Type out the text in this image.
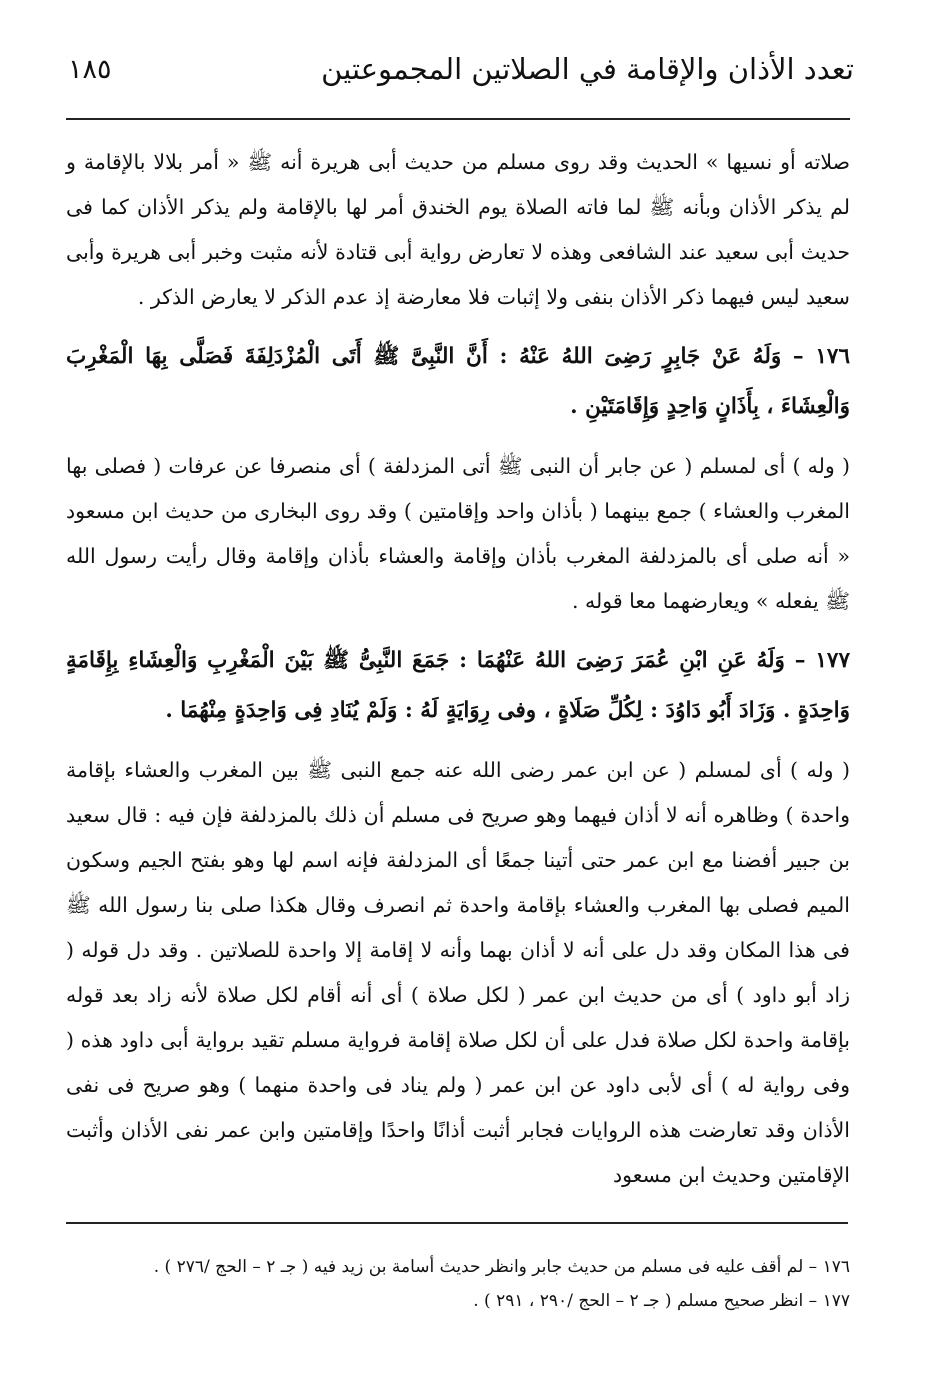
تعدد الأذان والإقامة في الصلاتين المجموعتين
١٨٥

صلاته أو نسيها » الحديث وقد روى مسلم من حديث أبى هريرة أنه ﷺ « أمر بلالا بالإقامة و لم يذكر الأذان وبأنه ﷺ لما فاته الصلاة يوم الخندق أمر لها بالإقامة ولم يذكر الأذان كما فى حديث أبى سعيد عند الشافعى وهذه لا تعارض رواية أبى قتادة لأنه مثبت وخبر أبى هريرة وأبى سعيد ليس فيهما ذكر الأذان بنفى ولا إثبات فلا معارضة إذ عدم الذكر لا يعارض الذكر .

١٧٦ – وَلَهُ عَنْ جَابِرٍ رَضِىَ اللهُ عَنْهُ : أَنَّ النَّبِىَّ ﷺ أَتَى الْمُزْدَلِفَةَ فَصَلَّى بِهَا الْمَغْرِبَ وَالْعِشَاءَ ، بِأَذَانٍ وَاحِدٍ وَإِقَامَتَيْنِ .

( وله ) أى لمسلم ( عن جابر أن النبى ﷺ أتى المزدلفة ) أى منصرفا عن عرفات ( فصلى بها المغرب والعشاء ) جمع بينهما ( بأذان واحد وإقامتين ) وقد روى البخارى من حديث ابن مسعود « أنه صلى أى بالمزدلفة المغرب بأذان وإقامة والعشاء بأذان وإقامة وقال رأيت رسول الله ﷺ يفعله » ويعارضهما معا قوله .

١٧٧ – وَلَهُ عَنِ ابْنِ عُمَرَ رَضِىَ اللهُ عَنْهُمَا : جَمَعَ النَّبِىُّ ﷺ بَيْنَ الْمَغْرِبِ وَالْعِشَاءِ بِإِقَامَةٍ وَاحِدَةٍ . وَزَادَ أَبُو دَاوُدَ : لِكُلِّ صَلَاةٍ ، وفى رِوَايَةٍ لَهُ : وَلَمْ يُنَادِ فِى وَاحِدَةٍ مِنْهُمَا .

( وله ) أى لمسلم ( عن ابن عمر رضى الله عنه جمع النبى ﷺ بين المغرب والعشاء بإقامة واحدة ) وظاهره أنه لا أذان فيهما وهو صريح فى مسلم أن ذلك بالمزدلفة فإن فيه : قال سعيد بن جبير أفضنا مع ابن عمر حتى أتينا جمعًا أى المزدلفة فإنه اسم لها وهو بفتح الجيم وسكون الميم فصلى بها المغرب والعشاء بإقامة واحدة ثم انصرف وقال هكذا صلى بنا رسول الله ﷺ فى هذا المكان وقد دل على أنه لا أذان بهما وأنه لا إقامة إلا واحدة للصلاتين . وقد دل قوله ( زاد أبو داود ) أى من حديث ابن عمر ( لكل صلاة ) أى أنه أقام لكل صلاة لأنه زاد بعد قوله بإقامة واحدة لكل صلاة فدل على أن لكل صلاة إقامة فرواية مسلم تقيد برواية أبى داود هذه ( وفى رواية له ) أى لأبى داود عن ابن عمر ( ولم يناد فى واحدة منهما ) وهو صريح فى نفى الأذان وقد تعارضت هذه الروايات فجابر أثبت أذانًا واحدًا وإقامتين وابن عمر نفى الأذان وأثبت الإقامتين وحديث ابن مسعود

١٧٦ – لم أقف عليه فى مسلم من حديث جابر وانظر حديث أسامة بن زيد فيه ( جـ ٢ – الحج /٢٧٦ ) .

١٧٧ – انظر صحيح مسلم ( جـ ٢ – الحج /٢٩٠ ، ٢٩١ ) .
